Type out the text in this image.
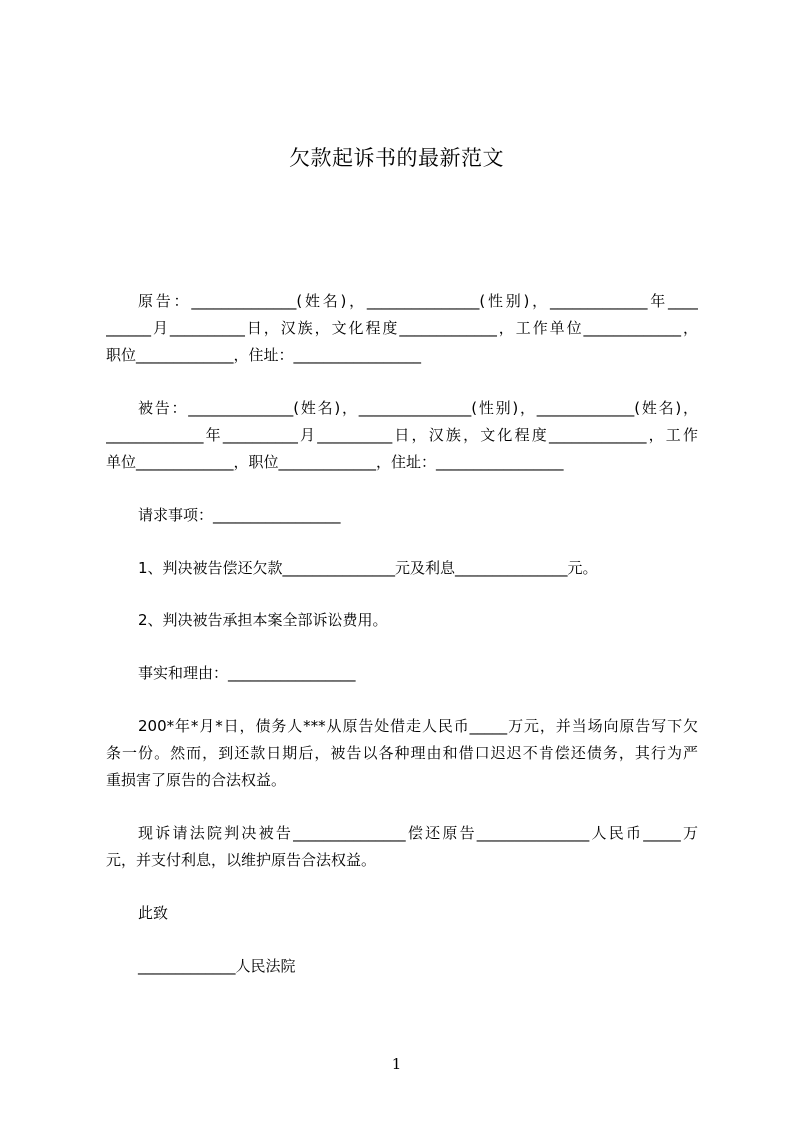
欠款起诉书的最新范文
原告：______________(姓名)，_______________(性别)，_____________年____
______月__________日，汉族，文化程度_____________，工作单位_____________，
职位_____________，住址：_________________
被告：______________(姓名)，_______________(性别)，_____________(姓名)，
_____________年__________月__________日，汉族，文化程度_____________，工作
单位_____________，职位_____________，住址：_________________
请求事项：_________________
1、判决被告偿还欠款_______________元及利息_______________元。
2、判决被告承担本案全部诉讼费用。
事实和理由：_________________
200*年*月*日，债务人***从原告处借走人民币_____万元，并当场向原告写下欠
条一份。然而，到还款日期后，被告以各种理由和借口迟迟不肯偿还债务，其行为严
重损害了原告的合法权益。
现诉请法院判决被告_______________偿还原告_______________人民币_____万
元，并支付利息，以维护原告合法权益。
此致
_____________人民法院
1
